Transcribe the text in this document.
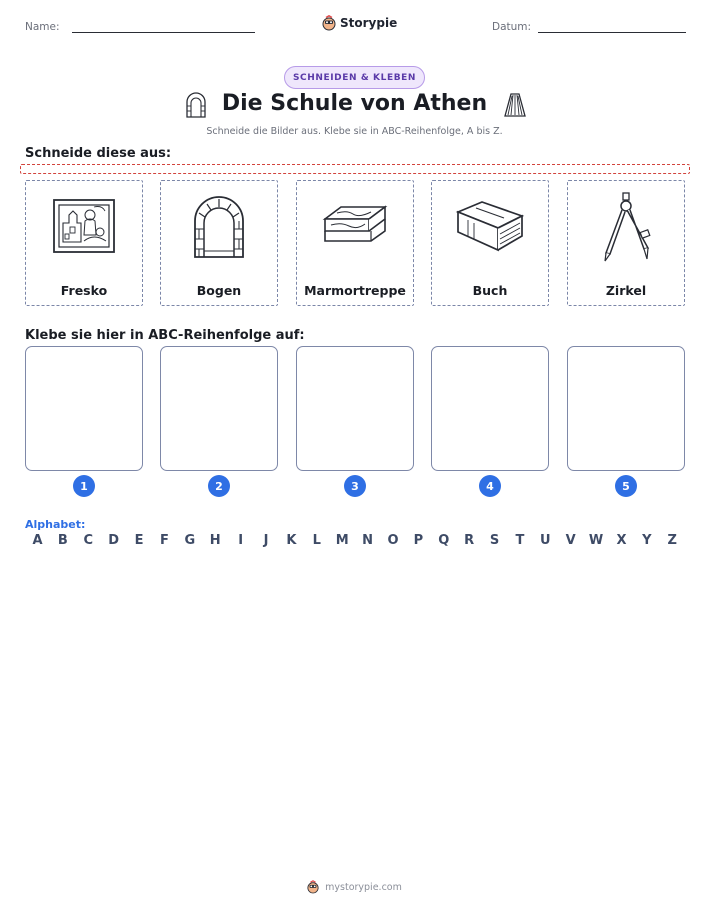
Name:	Storypie	Datum:
SCHNEIDEN & KLEBEN
Die Schule von Athen
Schneide die Bilder aus. Klebe sie in ABC-Reihenfolge, A bis Z.
Schneide diese aus:
Fresko	Bogen	Marmortreppe	Buch	Zirkel
Klebe sie hier in ABC-Reihenfolge auf:
1	2	3	4	5
Alphabet:
A	B	C	D	E	F	G	H	I	J	K	L	M	N	O	P	Q	R	S	T	U	V	W	X	Y	Z
mystorypie.com
